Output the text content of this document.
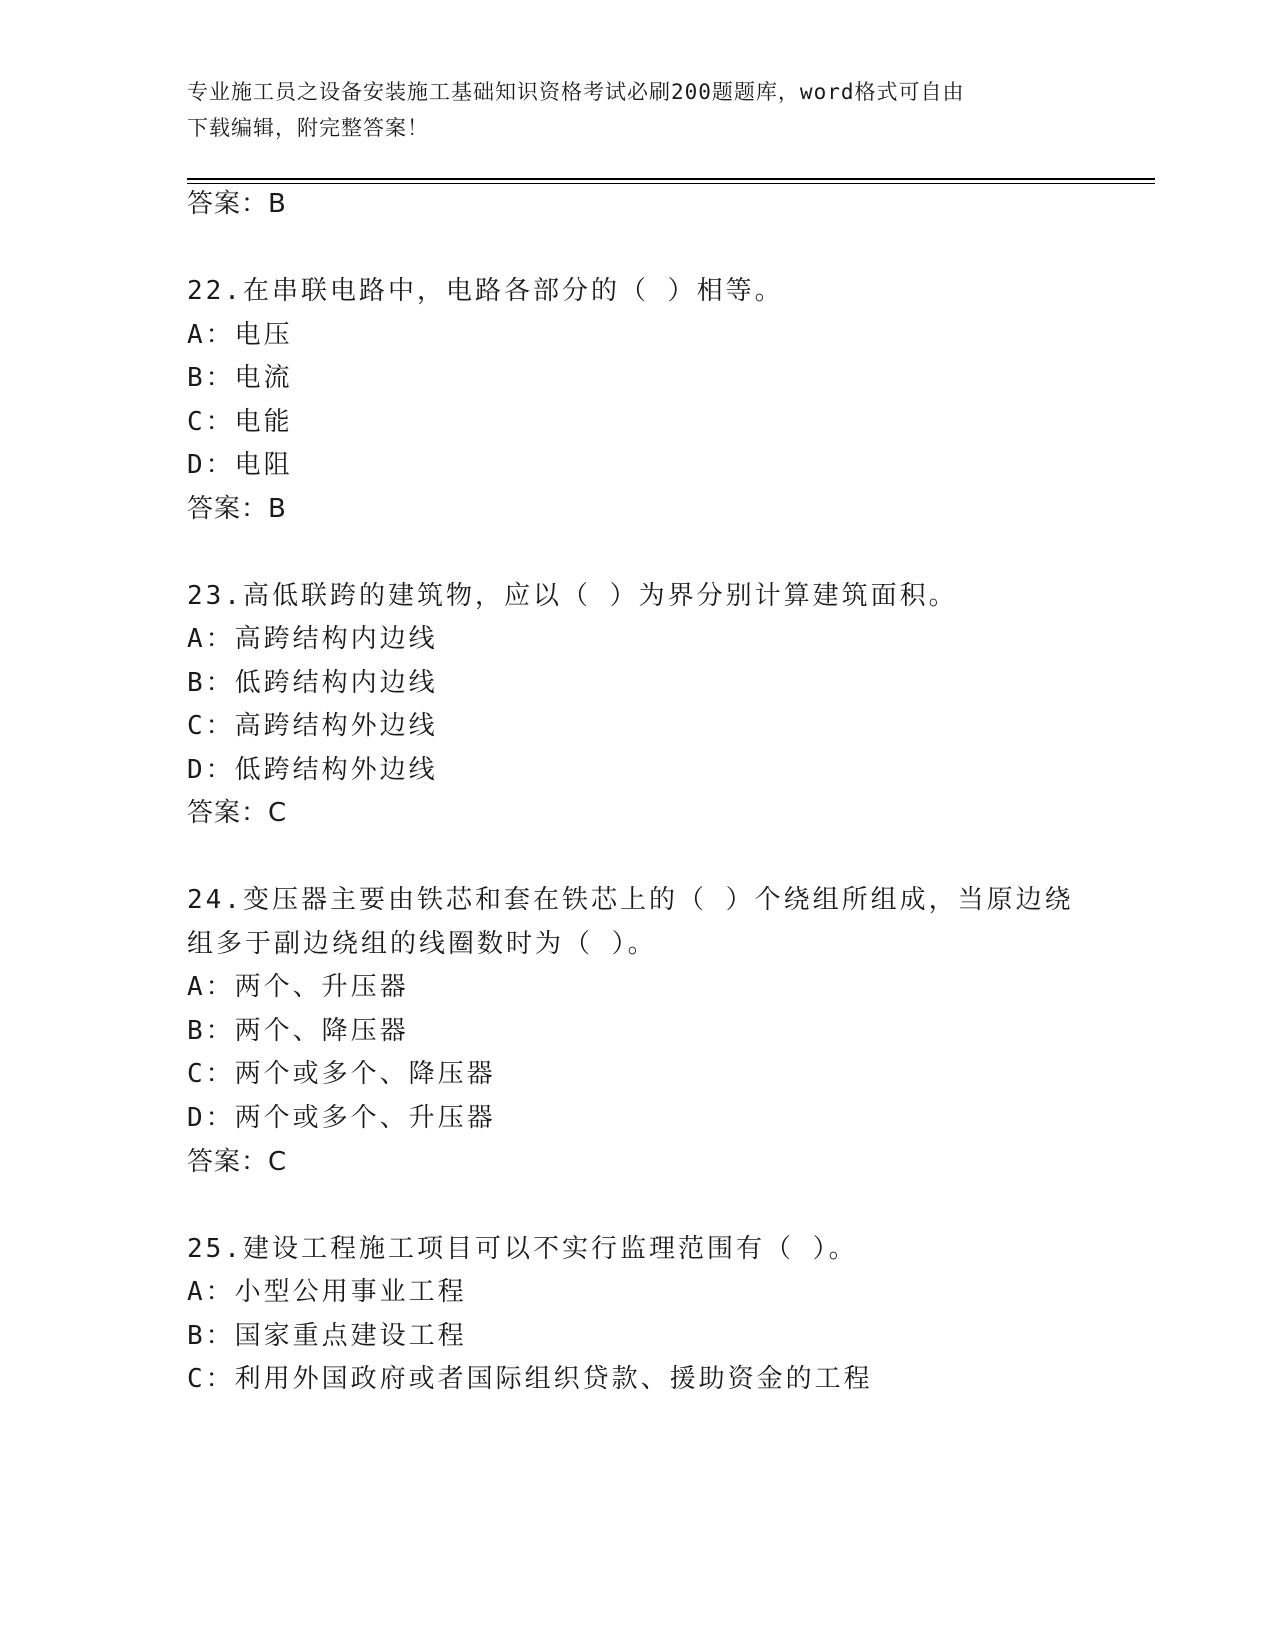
专业施工员之设备安装施工基础知识资格考试必刷200题题库，word格式可自由
下载编辑，附完整答案！
答案：B
22.在串联电路中，电路各部分的（ ）相等。
A：电压
B：电流
C：电能
D：电阻
答案：B
23.高低联跨的建筑物，应以（ ）为界分别计算建筑面积。
A：高跨结构内边线
B：低跨结构内边线
C：高跨结构外边线
D：低跨结构外边线
答案：C
24.变压器主要由铁芯和套在铁芯上的（ ）个绕组所组成，当原边绕
组多于副边绕组的线圈数时为（ ）。
A：两个、升压器
B：两个、降压器
C：两个或多个、降压器
D：两个或多个、升压器
答案：C
25.建设工程施工项目可以不实行监理范围有（ ）。
A：小型公用事业工程
B：国家重点建设工程
C：利用外国政府或者国际组织贷款、援助资金的工程
